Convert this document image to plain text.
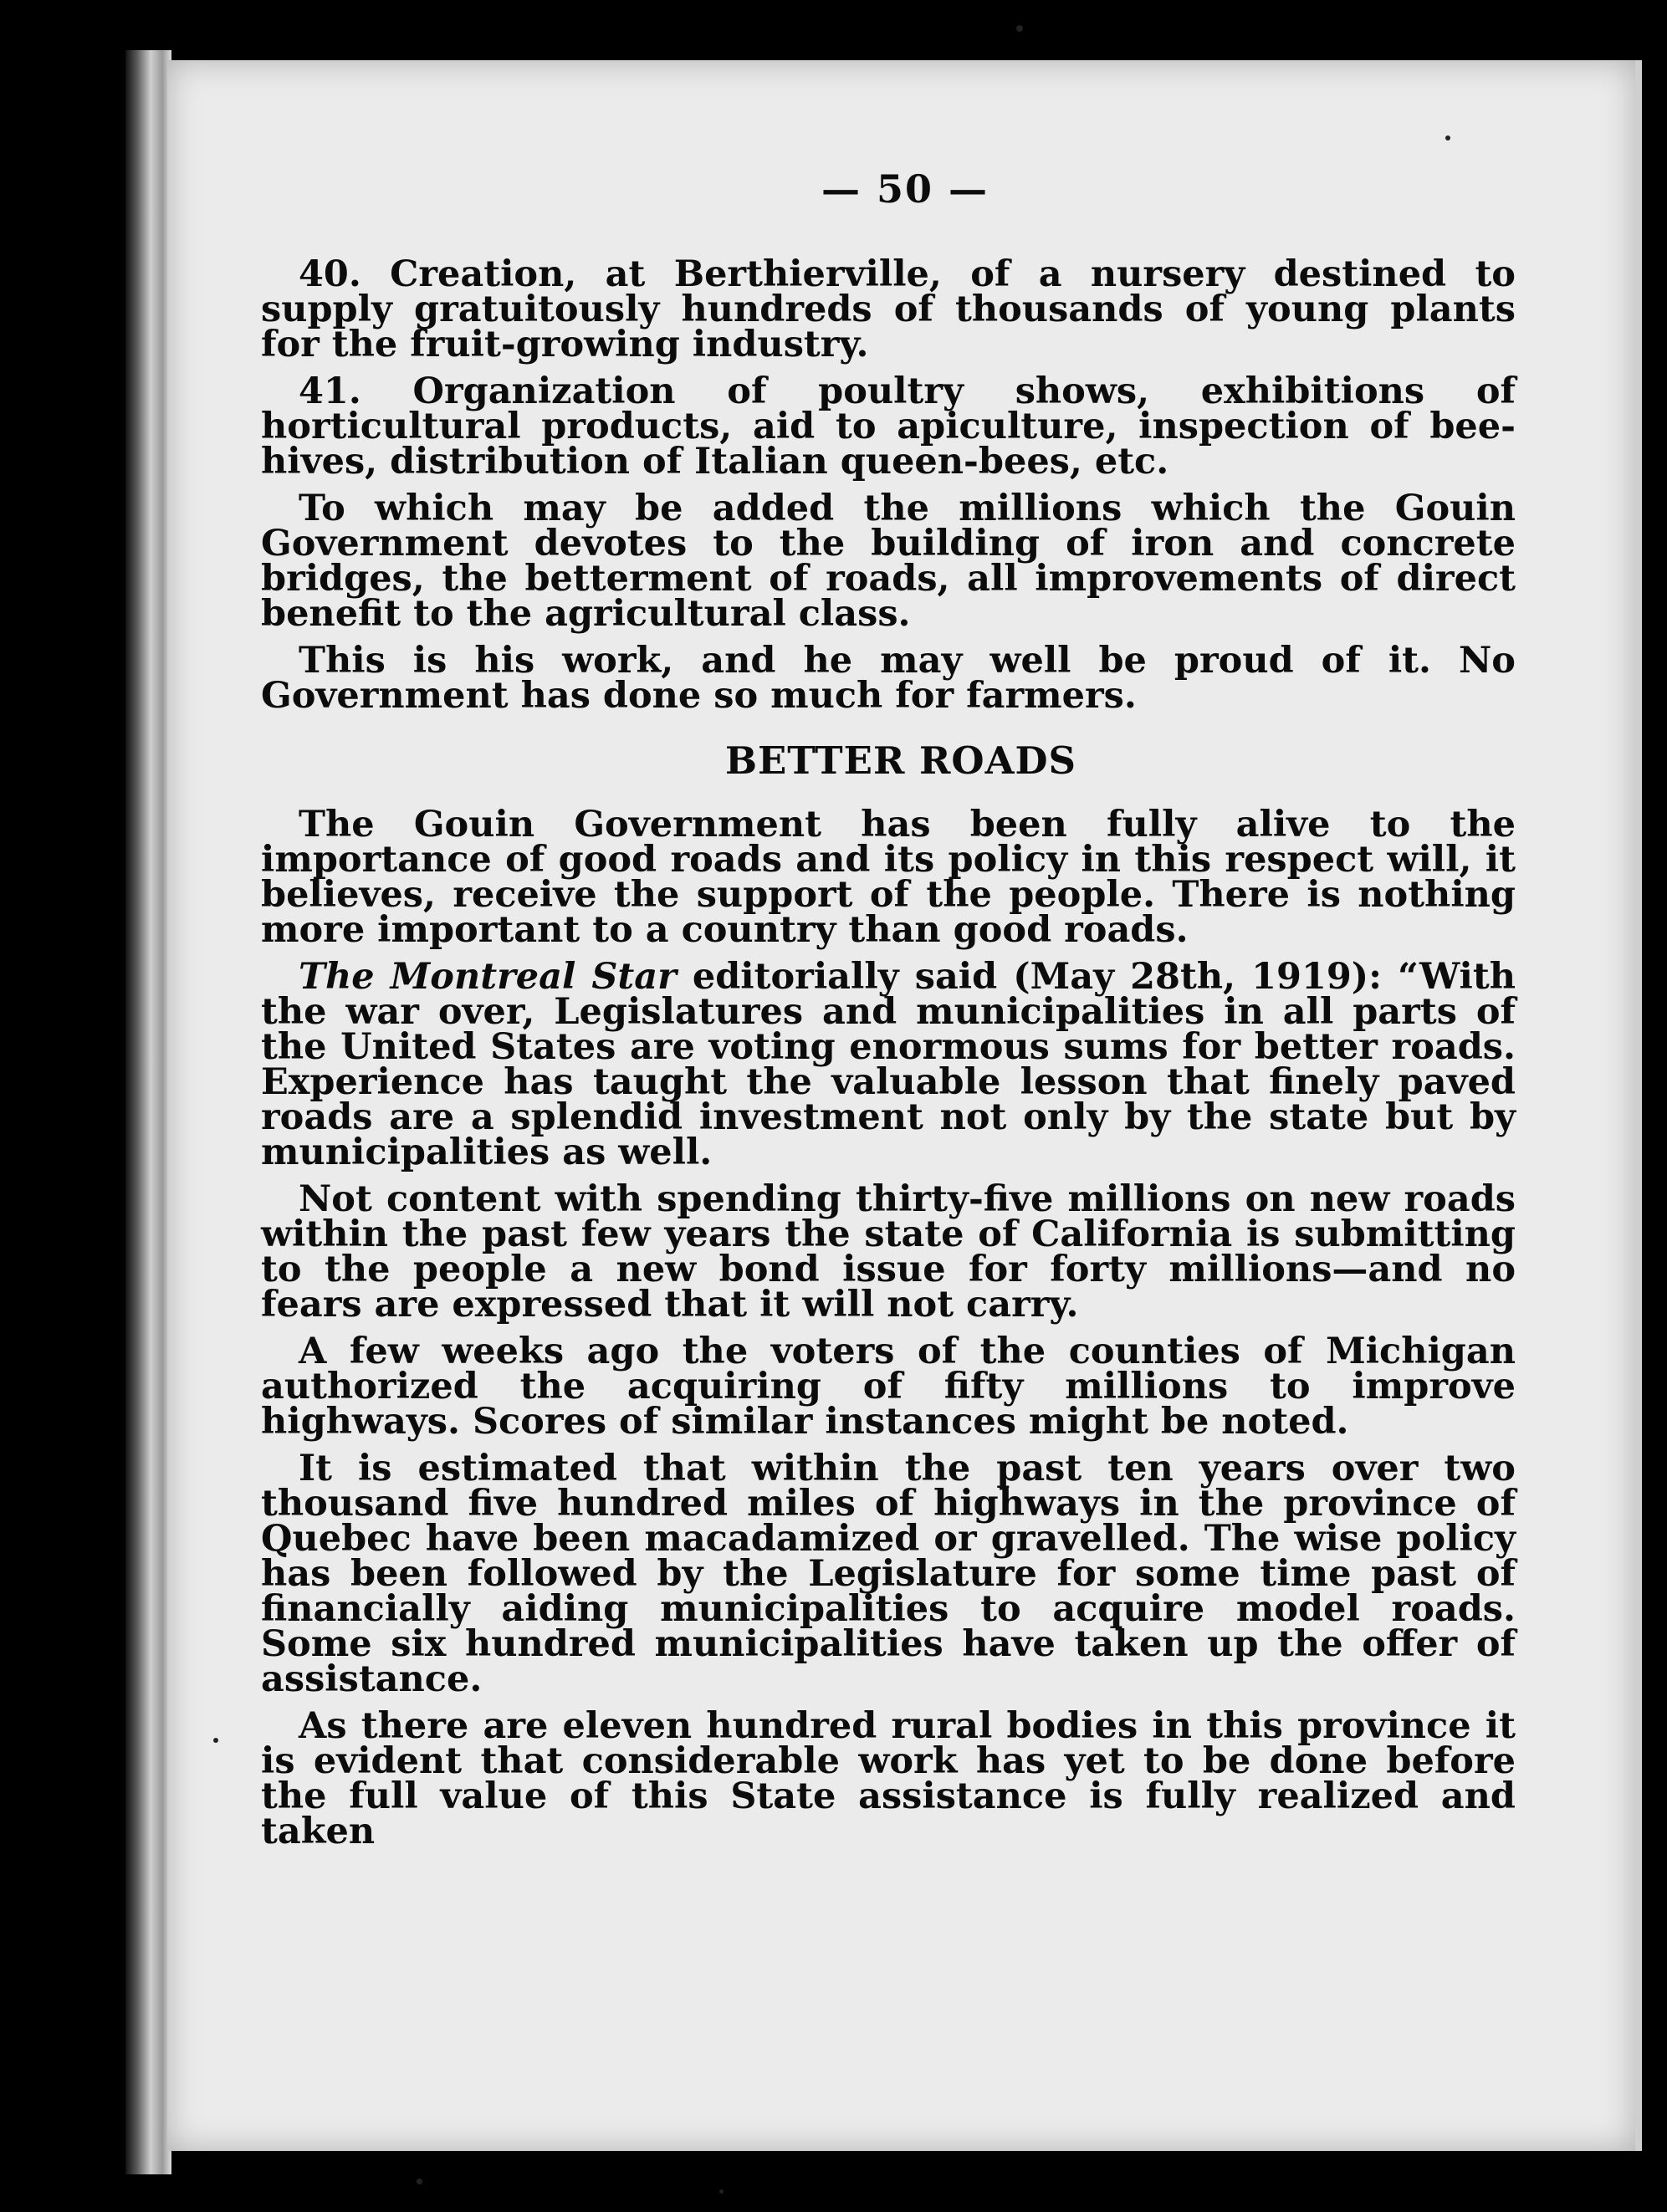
— 50 —

40. Creation, at Berthierville, of a nursery destined to supply gratuitously hundreds of thousands of young plants for the fruit-growing industry.

41. Organization of poultry shows, exhibitions of horticultural products, aid to apiculture, inspection of bee-hives, distribution of Italian queen-bees, etc.

To which may be added the millions which the Gouin Government devotes to the building of iron and concrete bridges, the betterment of roads, all improvements of direct benefit to the agricultural class.

This is his work, and he may well be proud of it. No Government has done so much for farmers.

BETTER ROADS

The Gouin Government has been fully alive to the importance of good roads and its policy in this respect will, it believes, receive the support of the people. There is nothing more important to a country than good roads.

The Montreal Star editorially said (May 28th, 1919): “With the war over, Legislatures and municipalities in all parts of the United States are voting enormous sums for better roads. Experience has taught the valuable lesson that finely paved roads are a splendid investment not only by the state but by municipalities as well.

Not content with spending thirty-five millions on new roads within the past few years the state of California is submitting to the people a new bond issue for forty millions—and no fears are expressed that it will not carry.

A few weeks ago the voters of the counties of Michigan authorized the acquiring of fifty millions to improve highways. Scores of similar instances might be noted.

It is estimated that within the past ten years over two thousand five hundred miles of highways in the province of Quebec have been macadamized or gravelled. The wise policy has been followed by the Legislature for some time past of financially aiding municipalities to acquire model roads. Some six hundred municipalities have taken up the offer of assistance.

As there are eleven hundred rural bodies in this province it is evident that considerable work has yet to be done before the full value of this State assistance is fully realized and taken
